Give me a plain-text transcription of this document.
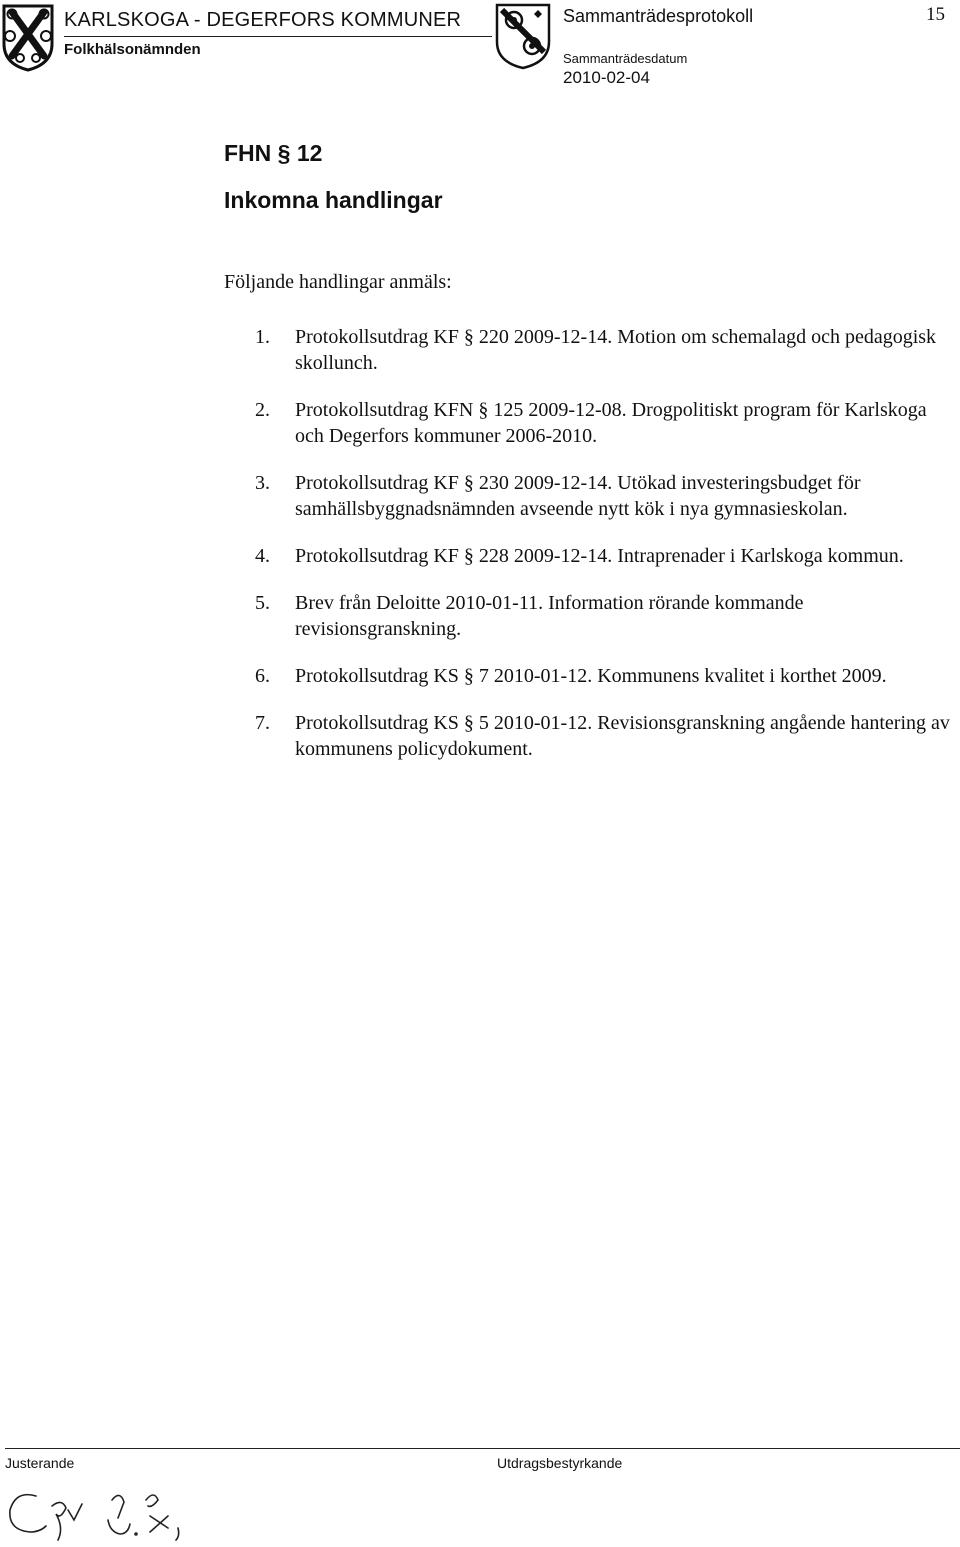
KARLSKOGA - DEGERFORS KOMMUNER
Folkhälsonämnden
Sammanträdesprotokoll	15
Sammanträdesdatum
2010-02-04
FHN § 12
Inkomna handlingar
Följande handlingar anmäls:
1. Protokollsutdrag KF § 220 2009-12-14. Motion om schemalagd och pedagogisk skollunch.
2. Protokollsutdrag KFN § 125 2009-12-08. Drogpolitiskt program för Karlskoga och Degerfors kommuner 2006-2010.
3. Protokollsutdrag KF § 230 2009-12-14. Utökad investeringsbudget för samhällsbyggnadsnämnden avseende nytt kök i nya gymnasieskolan.
4. Protokollsutdrag KF § 228 2009-12-14. Intraprenader i Karlskoga kommun.
5. Brev från Deloitte 2010-01-11. Information rörande kommande revisionsgranskning.
6. Protokollsutdrag KS § 7 2010-01-12. Kommunens kvalitet i korthet 2009.
7. Protokollsutdrag KS § 5 2010-01-12. Revisionsgranskning angående hantering av kommunens policydokument.
Justerande	Utdragsbestyrkande
